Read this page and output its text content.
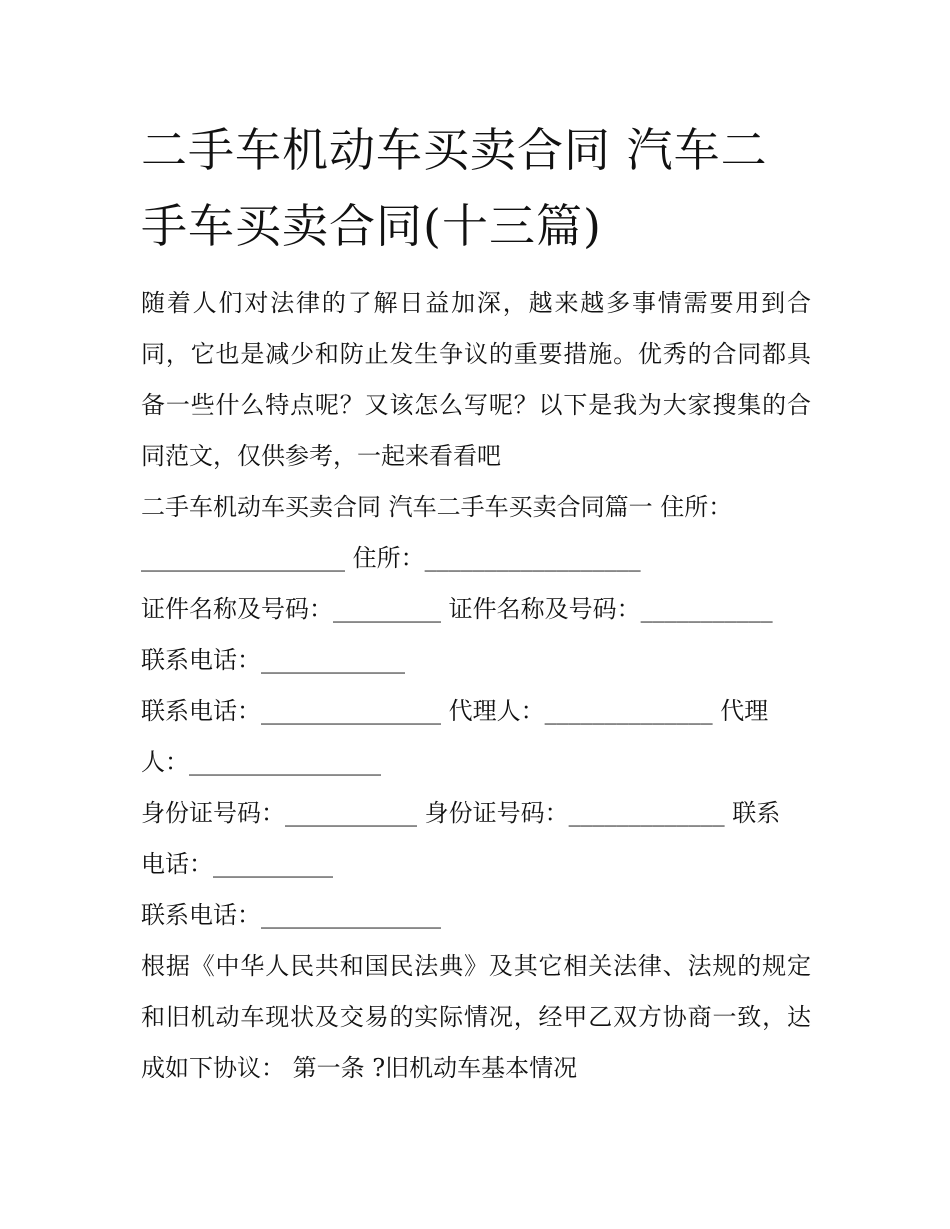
二手车机动车买卖合同 汽车二手车买卖合同(十三篇)

随着人们对法律的了解日益加深，越来越多事情需要用到合同，它也是减少和防止发生争议的重要措施。优秀的合同都具备一些什么特点呢？又该怎么写呢？以下是我为大家搜集的合同范文，仅供参考，一起来看看吧

二手车机动车买卖合同 汽车二手车买卖合同篇一 住所：

_________________ 住所：__________________

证件名称及号码：_________ 证件名称及号码：___________

联系电话：____________

联系电话：_______________ 代理人：______________ 代理

人：________________

身份证号码：___________ 身份证号码：_____________ 联系

电话：__________

联系电话：_______________

根据《中华人民共和国民法典》及其它相关法律、法规的规定和旧机动车现状及交易的实际情况，经甲乙双方协商一致，达成如下协议： 第一条 ?旧机动车基本情况
